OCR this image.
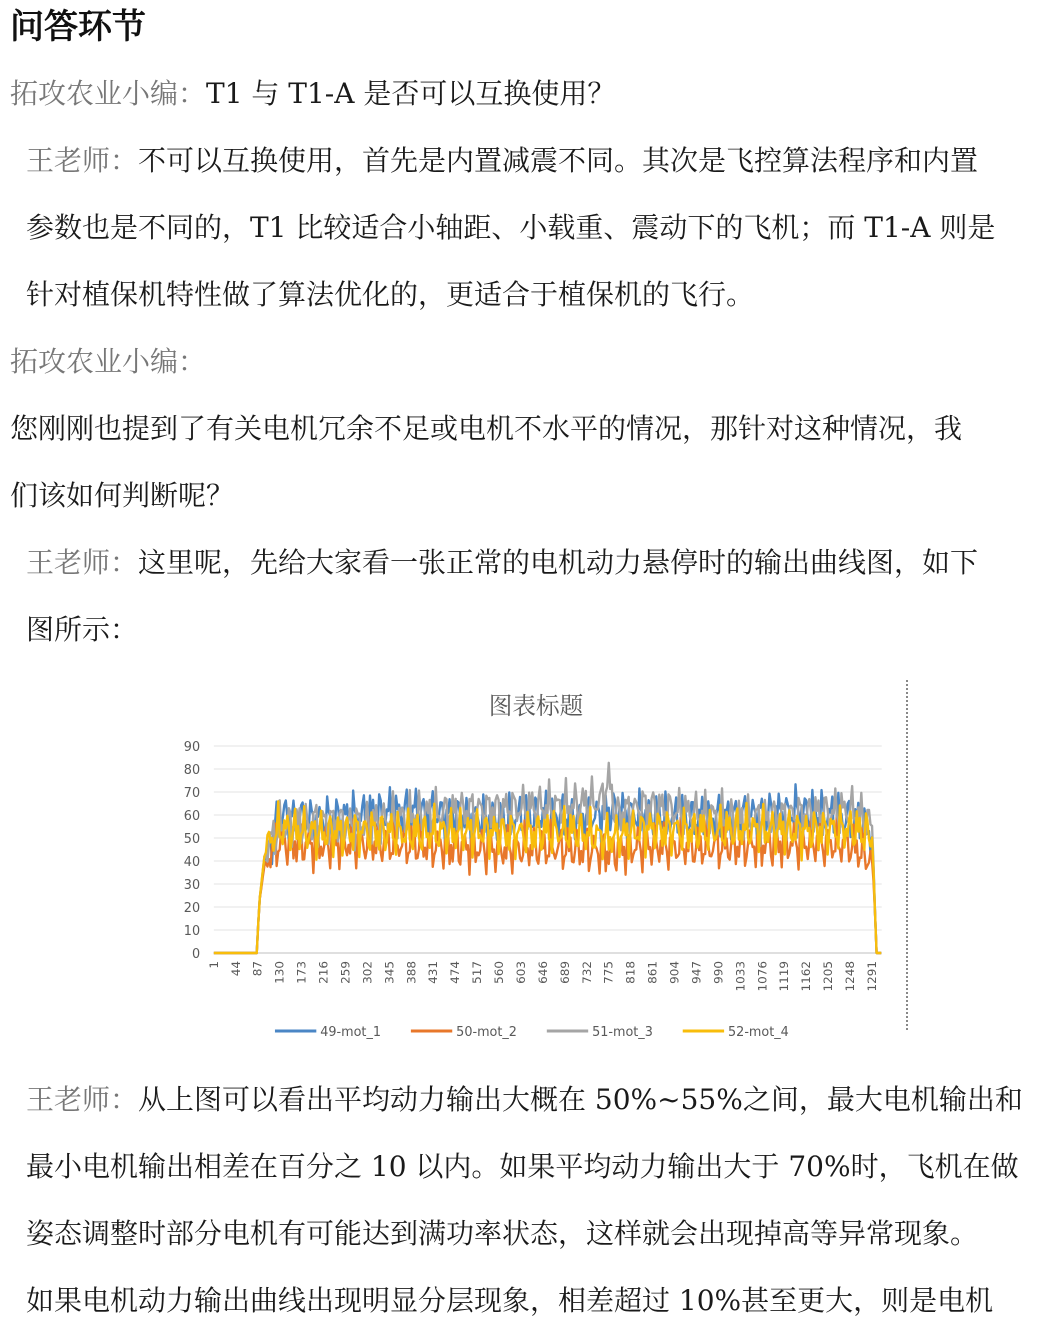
问答环节
拓攻农业小编：T1 与 T1-A 是否可以互换使用？
王老师：不可以互换使用，首先是内置减震不同。其次是飞控算法程序和内置
参数也是不同的，T1 比较适合小轴距、小载重、震动下的飞机；而 T1-A 则是
针对植保机特性做了算法优化的，更适合于植保机的飞行。
拓攻农业小编：
您刚刚也提到了有关电机冗余不足或电机不水平的情况，那针对这种情况，我
们该如何判断呢？
王老师：这里呢，先给大家看一张正常的电机动力悬停时的输出曲线图，如下
图所示：
图表标题
0
10
20
30
40
50
60
70
80
90
1 44 87 130 173 216 259 302 345 388 431 474 517 560 603 646 689 732 775 818 861 904 947 990 1033 1076 1119 1162 1205 1248 1291
49-mot_1	50-mot_2	51-mot_3	52-mot_4
王老师：从上图可以看出平均动力输出大概在 50%~55%之间，最大电机输出和
最小电机输出相差在百分之 10 以内。如果平均动力输出大于 70%时，飞机在做
姿态调整时部分电机有可能达到满功率状态，这样就会出现掉高等异常现象。
如果电机动力输出曲线出现明显分层现象，相差超过 10%甚至更大，则是电机
